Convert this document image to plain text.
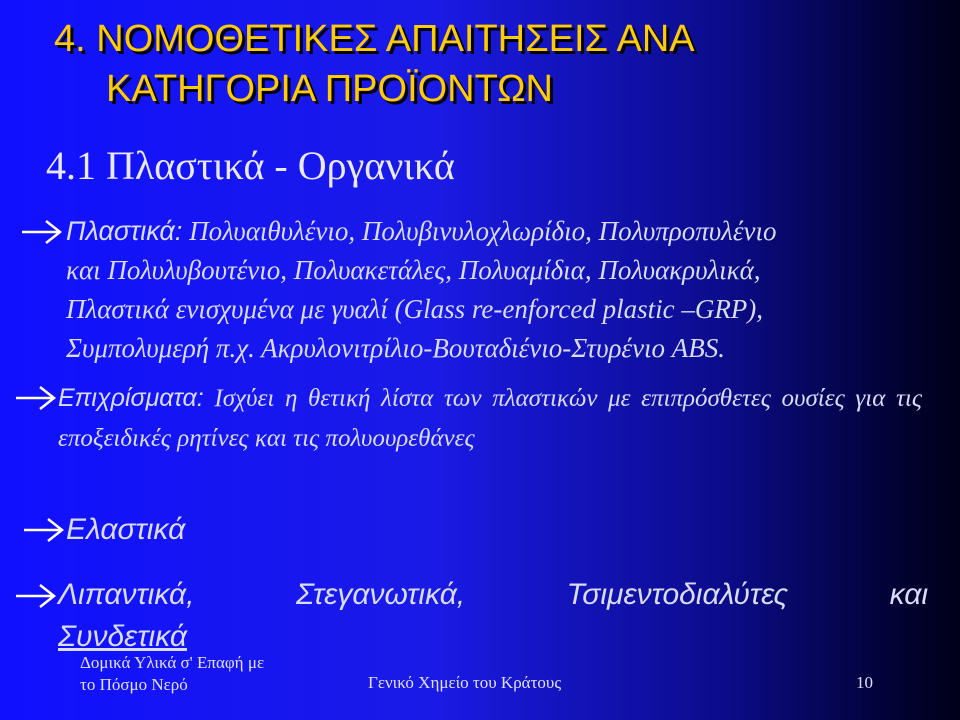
4. ΝΟΜΟΘΕΤΙΚΕΣ ΑΠΑΙΤΗΣΕΙΣ ΑΝΑ
ΚΑΤΗΓΟΡΙΑ ΠΡΟΪΟΝΤΩΝ
4.1 Πλαστικά - Οργανικά
Πλαστικά: Πολυαιθυλένιο, Πολυβινυλοχλωρίδιο, Πολυπροπυλένιο
και Πολυλυβουτένιο, Πολυακετάλες, Πολυαμίδια, Πολυακρυλικά,
Πλαστικά ενισχυμένα με γυαλί (Glass re-enforced plastic –GRP),
Συμπολυμερή π.χ. Ακρυλονιτρίλιο-Βουταδιένιο-Στυρένιο ABS.
Επιχρίσματα: Ισχύει η θετική λίστα των πλαστικών με επιπρόσθετες ουσίες για τις εποξειδικές ρητίνες και τις πολυουρεθάνες
Ελαστικά
Λιπαντικά,	Στεγανωτικά,	Τσιμεντοδιαλύτες	και
Συνδετικά
Δομικά Υλικά σ' Επαφή με το Πόσμο Νερό	Γενικό Χημείο του Κράτους	10
